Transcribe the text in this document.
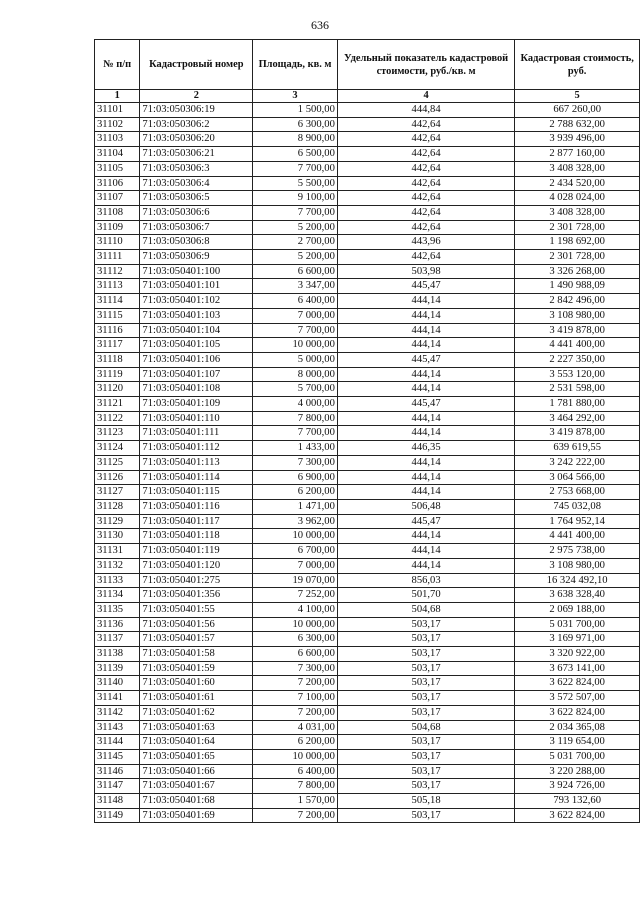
636
№ п/п	Кадастровый номер	Площадь, кв. м	Удельный показатель кадастровой стоимости, руб./кв. м	Кадастровая стоимость, руб.
1	2	3	4	5
31101	71:03:050306:19	1 500,00	444,84	667 260,00
31102	71:03:050306:2	6 300,00	442,64	2 788 632,00
31103	71:03:050306:20	8 900,00	442,64	3 939 496,00
31104	71:03:050306:21	6 500,00	442,64	2 877 160,00
31105	71:03:050306:3	7 700,00	442,64	3 408 328,00
31106	71:03:050306:4	5 500,00	442,64	2 434 520,00
31107	71:03:050306:5	9 100,00	442,64	4 028 024,00
31108	71:03:050306:6	7 700,00	442,64	3 408 328,00
31109	71:03:050306:7	5 200,00	442,64	2 301 728,00
31110	71:03:050306:8	2 700,00	443,96	1 198 692,00
31111	71:03:050306:9	5 200,00	442,64	2 301 728,00
31112	71:03:050401:100	6 600,00	503,98	3 326 268,00
31113	71:03:050401:101	3 347,00	445,47	1 490 988,09
31114	71:03:050401:102	6 400,00	444,14	2 842 496,00
31115	71:03:050401:103	7 000,00	444,14	3 108 980,00
31116	71:03:050401:104	7 700,00	444,14	3 419 878,00
31117	71:03:050401:105	10 000,00	444,14	4 441 400,00
31118	71:03:050401:106	5 000,00	445,47	2 227 350,00
31119	71:03:050401:107	8 000,00	444,14	3 553 120,00
31120	71:03:050401:108	5 700,00	444,14	2 531 598,00
31121	71:03:050401:109	4 000,00	445,47	1 781 880,00
31122	71:03:050401:110	7 800,00	444,14	3 464 292,00
31123	71:03:050401:111	7 700,00	444,14	3 419 878,00
31124	71:03:050401:112	1 433,00	446,35	639 619,55
31125	71:03:050401:113	7 300,00	444,14	3 242 222,00
31126	71:03:050401:114	6 900,00	444,14	3 064 566,00
31127	71:03:050401:115	6 200,00	444,14	2 753 668,00
31128	71:03:050401:116	1 471,00	506,48	745 032,08
31129	71:03:050401:117	3 962,00	445,47	1 764 952,14
31130	71:03:050401:118	10 000,00	444,14	4 441 400,00
31131	71:03:050401:119	6 700,00	444,14	2 975 738,00
31132	71:03:050401:120	7 000,00	444,14	3 108 980,00
31133	71:03:050401:275	19 070,00	856,03	16 324 492,10
31134	71:03:050401:356	7 252,00	501,70	3 638 328,40
31135	71:03:050401:55	4 100,00	504,68	2 069 188,00
31136	71:03:050401:56	10 000,00	503,17	5 031 700,00
31137	71:03:050401:57	6 300,00	503,17	3 169 971,00
31138	71:03:050401:58	6 600,00	503,17	3 320 922,00
31139	71:03:050401:59	7 300,00	503,17	3 673 141,00
31140	71:03:050401:60	7 200,00	503,17	3 622 824,00
31141	71:03:050401:61	7 100,00	503,17	3 572 507,00
31142	71:03:050401:62	7 200,00	503,17	3 622 824,00
31143	71:03:050401:63	4 031,00	504,68	2 034 365,08
31144	71:03:050401:64	6 200,00	503,17	3 119 654,00
31145	71:03:050401:65	10 000,00	503,17	5 031 700,00
31146	71:03:050401:66	6 400,00	503,17	3 220 288,00
31147	71:03:050401:67	7 800,00	503,17	3 924 726,00
31148	71:03:050401:68	1 570,00	505,18	793 132,60
31149	71:03:050401:69	7 200,00	503,17	3 622 824,00
